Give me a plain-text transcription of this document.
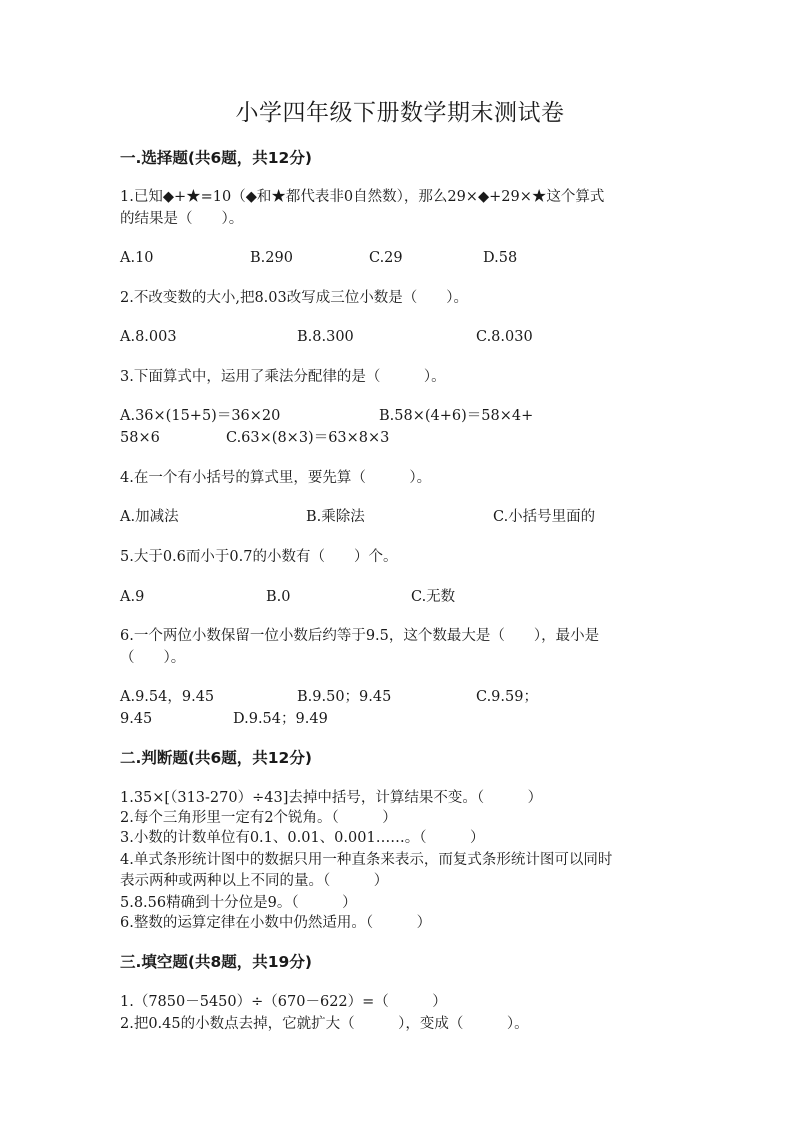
小学四年级下册数学期末测试卷
一.选择题(共6题，共12分)
1.已知◆+★=10（◆和★都代表非0自然数），那么29×◆+29×★这个算式
的结果是（　　）。
A.10	B.290	C.29	D.58
2.不改变数的大小,把8.03改写成三位小数是（　　）。
A.8.003	B.8.300	C.8.030
3.下面算式中，运用了乘法分配律的是（　　　）。
A.36×(15+5)＝36×20	B.58×(4+6)＝58×4+
58×6	C.63×(8×3)＝63×8×3
4.在一个有小括号的算式里，要先算（　　　）。
A.加减法	B.乘除法	C.小括号里面的
5.大于0.6而小于0.7的小数有（　　）个。
A.9	B.0	C.无数
6.一个两位小数保留一位小数后约等于9.5，这个数最大是（　　），最小是
（　　）。
A.9.54，9.45	B.9.50；9.45	C.9.59；
9.45	D.9.54；9.49
二.判断题(共6题，共12分)
1.35×[（313-270）÷43]去掉中括号，计算结果不变。（　　　）
2.每个三角形里一定有2个锐角。（　　　）
3.小数的计数单位有0.1、0.01、0.001……。（　　　）
4.单式条形统计图中的数据只用一种直条来表示，而复式条形统计图可以同时
表示两种或两种以上不同的量。（　　　）
5.8.56精确到十分位是9。（　　　）
6.整数的运算定律在小数中仍然适用。（　　　）
三.填空题(共8题，共19分)
1.（7850－5450）÷（670－622）=（　　　）
2.把0.45的小数点去掉，它就扩大（　　　），变成（　　　）。
